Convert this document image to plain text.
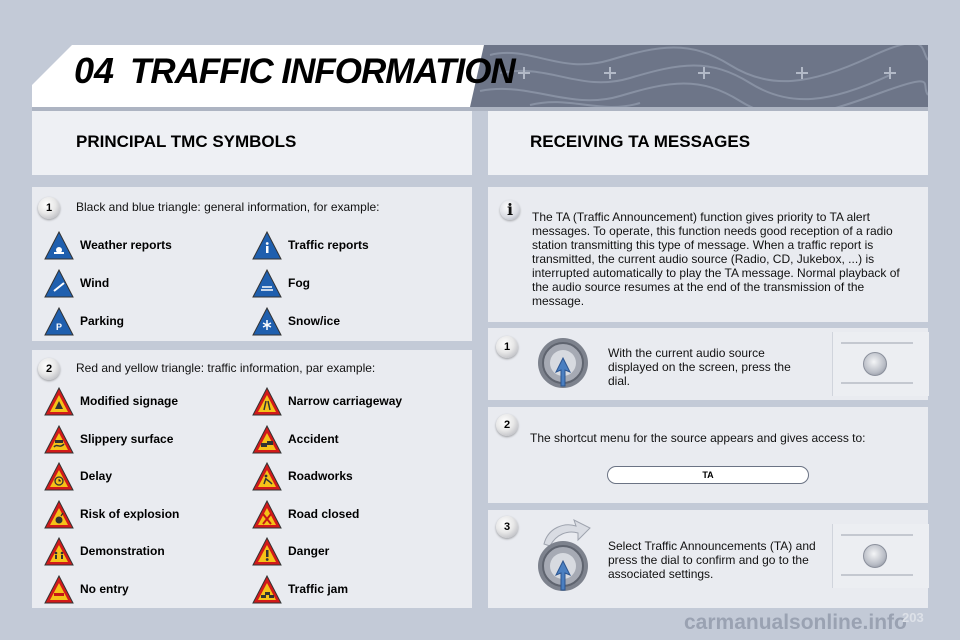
04 TRAFFIC INFORMATION
PRINCIPAL TMC SYMBOLS	RECEIVING TA MESSAGES
1	Black and blue triangle: general information, for example:
Weather reports	Traffic reports
Wind	Fog
P Parking	Snow/ice
2	Red and yellow triangle: traffic information, par example:
Modified signage	Narrow carriageway
Slippery surface	Accident
Delay	Roadworks
Risk of explosion	Road closed
Demonstration	Danger
No entry	Traffic jam
i	The TA (Traffic Announcement) function gives priority to TA alert messages. To operate, this function needs good reception of a radio station transmitting this type of message. When a traffic report is transmitted, the current audio source (Radio, CD, Jukebox, ...) is interrupted automatically to play the TA message. Normal playback of the audio source resumes at the end of the transmission of the message.
1	With the current audio source displayed on the screen, press the dial.
2
The shortcut menu for the source appears and gives access to:
TA
3
Select Traffic Announcements (TA) and press the dial to confirm and go to the associated settings.
carmanualsonline.info
203
